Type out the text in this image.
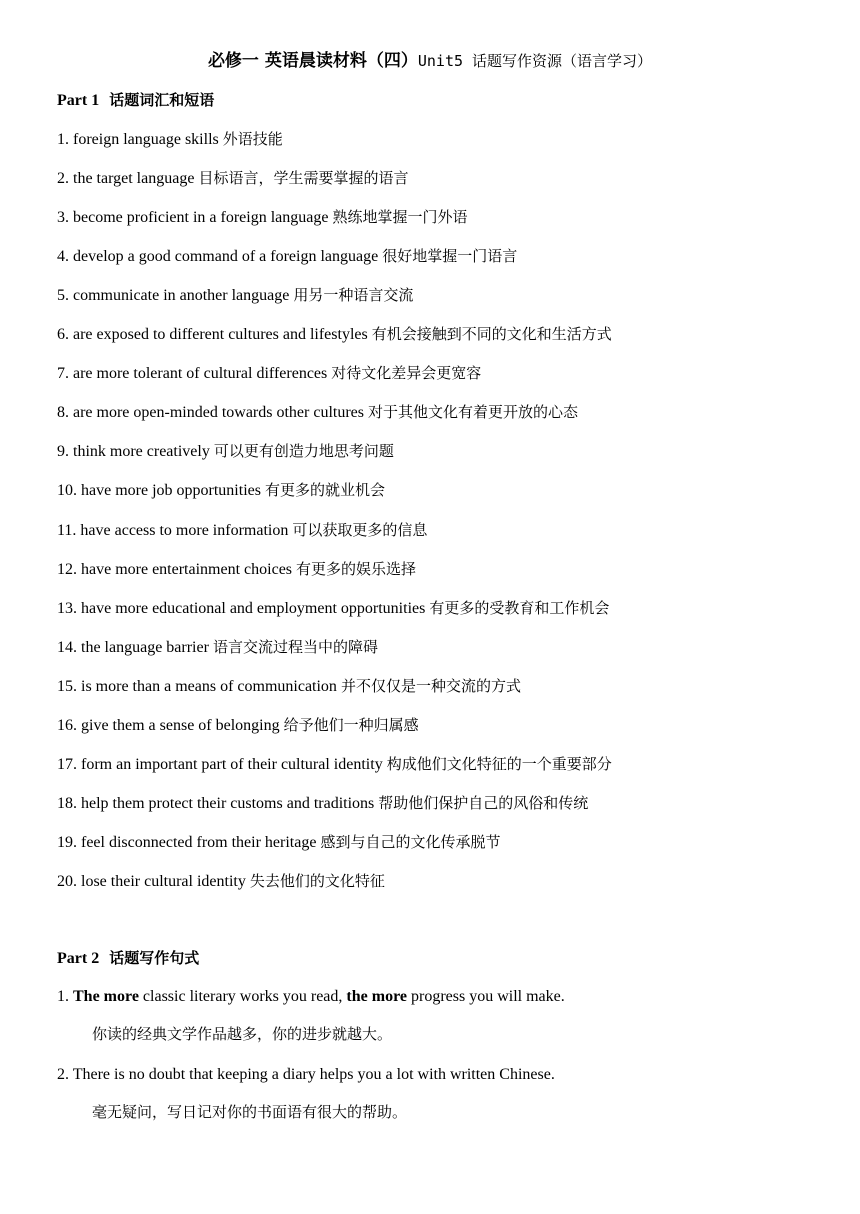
必修一 英语晨读材料（四）Unit5 话题写作资源（语言学习）
Part 1 话题词汇和短语
1. foreign language skills 外语技能
2. the target language 目标语言，学生需要掌握的语言
3. become proficient in a foreign language 熟练地掌握一门外语
4. develop a good command of a foreign language 很好地掌握一门语言
5. communicate in another language 用另一种语言交流
6. are exposed to different cultures and lifestyles 有机会接触到不同的文化和生活方式
7. are more tolerant of cultural differences 对待文化差异会更宽容
8. are more open-minded towards other cultures 对于其他文化有着更开放的心态
9. think more creatively 可以更有创造力地思考问题
10. have more job opportunities 有更多的就业机会
11. have access to more information 可以获取更多的信息
12. have more entertainment choices 有更多的娱乐选择
13. have more educational and employment opportunities 有更多的受教育和工作机会
14. the language barrier 语言交流过程当中的障碍
15. is more than a means of communication 并不仅仅是一种交流的方式
16. give them a sense of belonging 给予他们一种归属感
17. form an important part of their cultural identity 构成他们文化特征的一个重要部分
18. help them protect their customs and traditions 帮助他们保护自己的风俗和传统
19. feel disconnected from their heritage 感到与自己的文化传承脱节
20. lose their cultural identity 失去他们的文化特征
Part 2 话题写作句式
1. The more classic literary works you read, the more progress you will make.
你读的经典文学作品越多，你的进步就越大。
2. There is no doubt that keeping a diary helps you a lot with written Chinese.
毫无疑问，写日记对你的书面语有很大的帮助。
